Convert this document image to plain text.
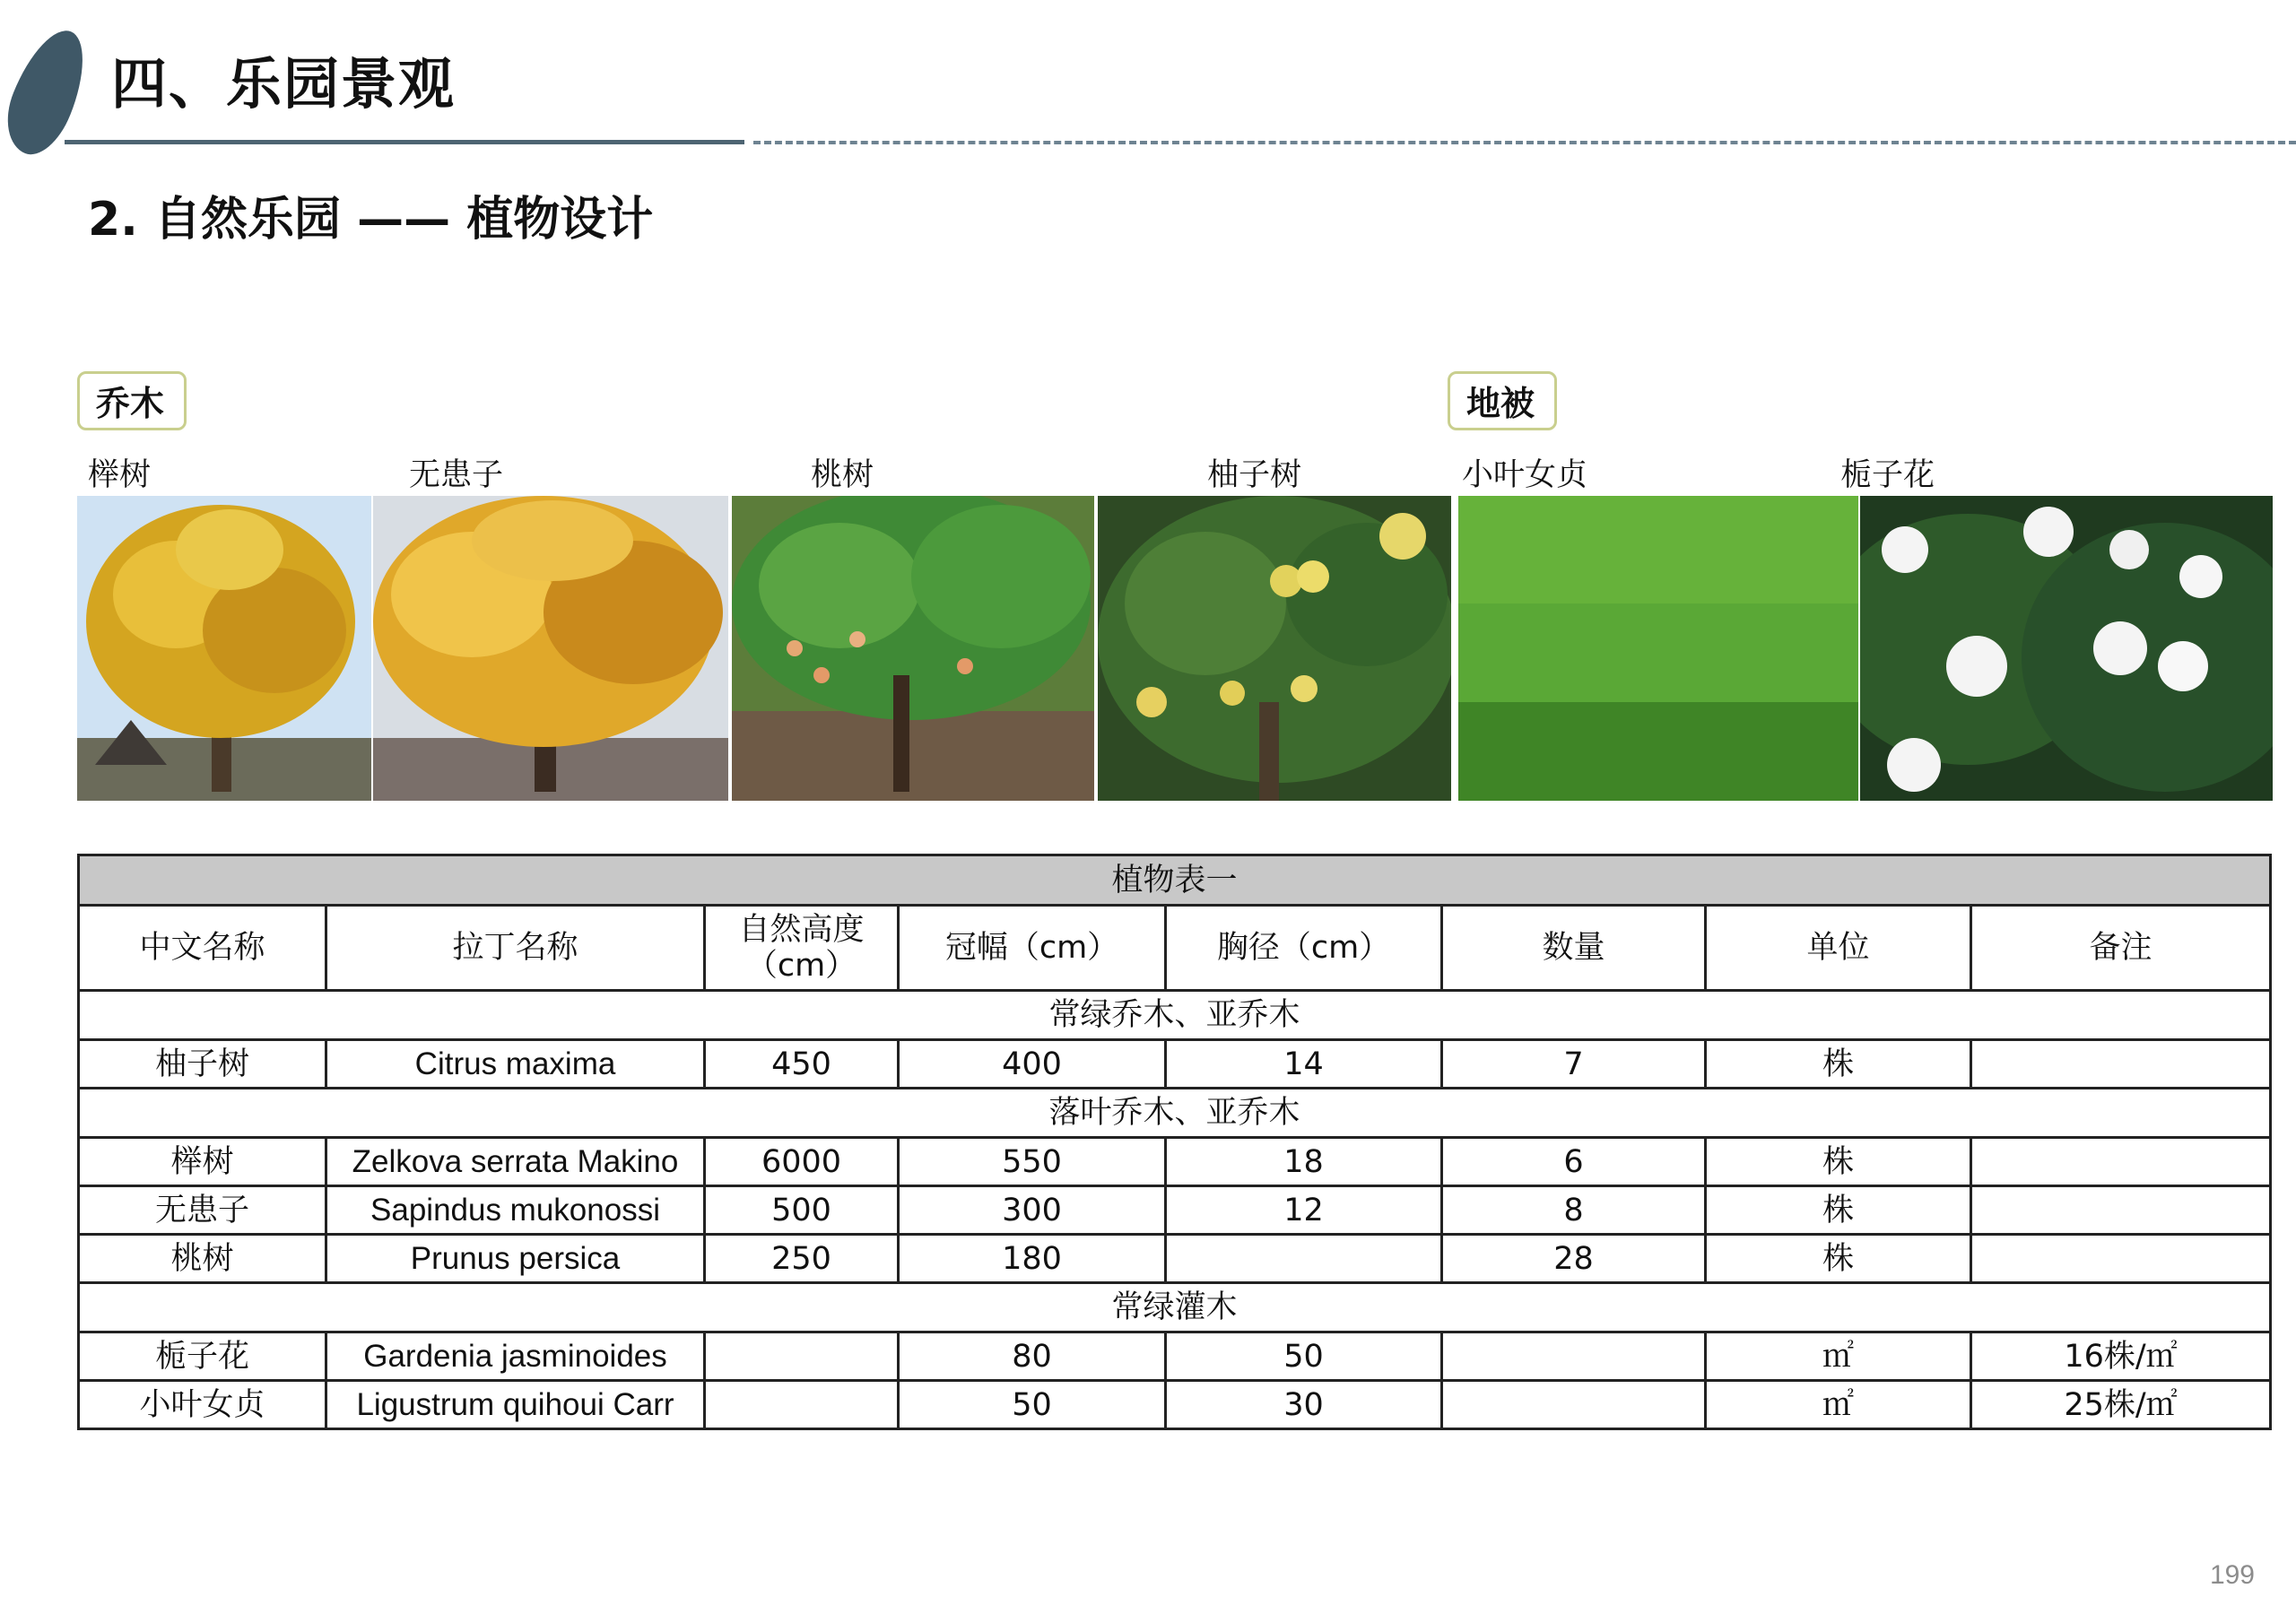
四、乐园景观
2. 自然乐园 —— 植物设计
乔木	地被
榉树	无患子	桃树	柚子树	小叶女贞	栀子花
植物表一							
中文名称	拉丁名称	自然高度（cm）	冠幅（cm）	胸径（cm）	数量	单位	备注
常绿乔木、亚乔木							
柚子树	Citrus maxima	450	400	14	7	株	
落叶乔木、亚乔木							
榉树	Zelkova serrata Makino	6000	550	18	6	株	
无患子	Sapindus mukonossi	500	300	12	8	株	
桃树	Prunus persica	250	180		28	株	
常绿灌木							
栀子花	Gardenia jasminoides		80	50		㎡	16株/㎡
小叶女贞	Ligustrum quihoui Carr		50	30		㎡	25株/㎡
199
